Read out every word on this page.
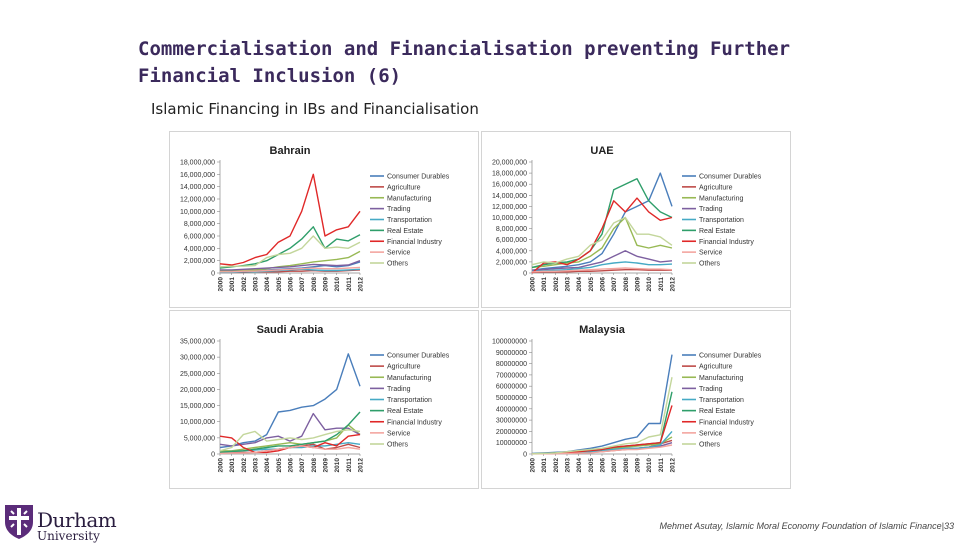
Commercialisation and Financialisation preventing Further Financial Inclusion (6)
Islamic Financing in IBs and Financialisation
Bahrain
0
2,000,000
4,000,000
6,000,000
8,000,000
10,000,000
12,000,000
14,000,000
16,000,000
18,000,000
2000 2001 2002 2003 2004 2005 2006 2007 2008 2009 2010 2011 2012
Consumer Durables
Agriculture
Manufacturing
Trading
Transportation
Real Estate
Financial Industry
Service
Others
UAE
0
2,000,000
4,000,000
6,000,000
8,000,000
10,000,000
12,000,000
14,000,000
16,000,000
18,000,000
20,000,000
2000 2001 2002 2003 2004 2005 2006 2007 2008 2009 2010 2011 2012
Consumer Durables
Agriculture
Manufacturing
Trading
Transportation
Real Estate
Financial Industry
Service
Others
Saudi Arabia
0
5,000,000
10,000,000
15,000,000
20,000,000
25,000,000
30,000,000
35,000,000
2000 2001 2002 2003 2004 2005 2006 2007 2008 2009 2010 2011 2012
Consumer Durables
Agriculture
Manufacturing
Trading
Transportation
Real Estate
Financial Industry
Service
Others
Malaysia
0
10000000
20000000
30000000
40000000
50000000
60000000
70000000
80000000
90000000
100000000
2000 2001 2002 2003 2004 2005 2006 2007 2008 2009 2010 2011 2012
Consumer Durables
Agriculture
Manufacturing
Trading
Transportation
Real Estate
Financial Industry
Service
Others
Durham
University
Mehmet Asutay, Islamic Moral Economy Foundation of Islamic Finance|33
